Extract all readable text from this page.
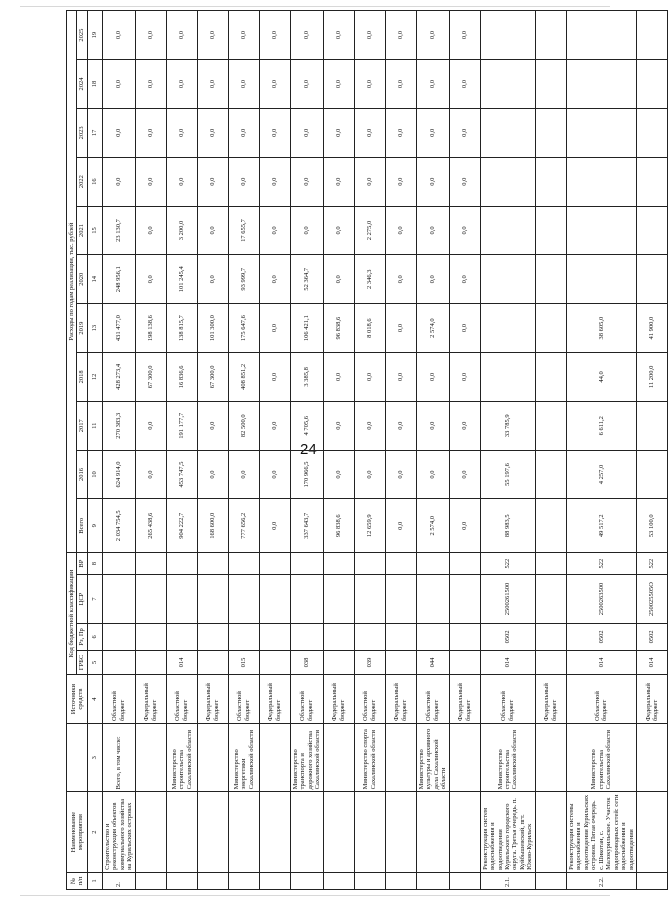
24
№ п/п	Наименование мероприятия		Источники средств	Код бюджетной классификации				Расходы по годам реализации, тыс. рублей										
				ГРБС	Рз, Пр	ЦСР	ВР	Всего	2016	2017	2018	2019	2020	2021	2022	2023	2024	2025
1	2	3	4	5	6	7	8	9	10	11	12	13	14	15	16	17	18	19
2.	Строительство и реконструкция объектов коммунального хозяйства на Курильских островах	Всего, в том числе:	Областной бюджет					2 034 754,5	624 914,0	270 383,3	428 273,4	431 477,0	248 956,1	23 130,7	0,0	0,0	0,0	0,0
			Федеральный бюджет					265 438,6	0,0	0,0	67 300,0	198 138,6	0,0	0,0	0,0	0,0	0,0	0,0
		Министерство строительства Сахалинской области	Областной бюджет	014				904 222,7	453 747,5	191 177,7	16 836,6	138 815,7	101 245,4	3 200,0	0,0	0,0	0,0	0,0
			Федеральный бюджет					168 600,0	0,0	0,0	67 300,0	101 300,0	0,0	0,0	0,0	0,0	0,0	0,0
		Министерство энергетики Сахалинской области	Областной бюджет	015				777 656,2	0,0	82 500,0	408 851,2	175 647,6	93 999,7	17 655,7	0,0	0,0	0,0	0,0
			Федеральный бюджет					0,0	0,0	0,0	0,0	0,0	0,0	0,0	0,0	0,0	0,0	0,0
		Министерство транспорта и дорожного хозяйства Сахалинской области	Областной бюджет	038				337 643,7	170 966,5	4 705,6	3 385,8	106 421,1	52 364,7	0,0	0,0	0,0	0,0	0,0
			Федеральный бюджет					96 838,6	0,0	0,0	0,0	96 838,6	0,0	0,0	0,0	0,0	0,0	0,0
		Министерство спорта Сахалинской области	Областной бюджет	039				12 659,9	0,0	0,0	0,0	8 018,6	2 346,3	2 275,0	0,0	0,0	0,0	0,0
			Федеральный бюджет					0,0	0,0	0,0	0,0	0,0	0,0	0,0	0,0	0,0	0,0	0,0
		Министерство культуры и архивного дела Сахалинской области	Областной бюджет	044				2 574,0	0,0	0,0	0,0	2 574,0	0,0	0,0	0,0	0,0	0,0	0,0
			Федеральный бюджет					0,0	0,0	0,0	0,0	0,0	0,0	0,0	0,0	0,0	0,0	0,0
2.1.	Реконструкция систем водоснабжения и водоотведения Курильского городского округа. Третья очередь. п. Куйбышевский, пгт. Южно-Курильск	Министерство строительства Сахалинской области	Областной бюджет	014	0502	2500261500	522	88 983,5	55 197,6	33 785,9								
			Федеральный бюджет															
2.2.	Реконструкция системы водоснабжения и водоотведения Курильских островов. Пятая очередь. с. Шикотан, с. Малокурильское. Участок водопроводных сетей: сети водоснабжения и водоотведения	Министерство строительства Сахалинской области	Областной бюджет	014	0502	2500263500	522	49 517,2	4 257,0	6 611,2	44,0	38 605,0						
			Федеральный бюджет	014	0502	250025505О	522	53 100,0			11 200,0	41 900,0						
